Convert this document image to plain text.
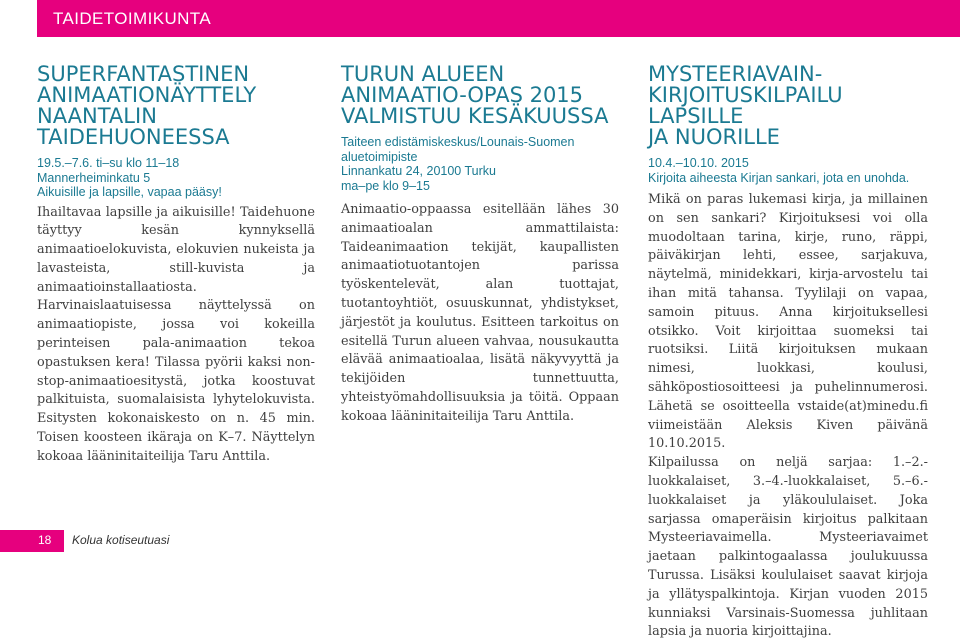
TAIDETOIMIKUNTA
SUPERFANTASTINEN
ANIMAATIONÄYTTELY
NAANTALIN
TAIDEHUONEESSA
19.5.–7.6. ti–su klo 11–18
Mannerheiminkatu 5
Aikuisille ja lapsille, vapaa pääsy!

Ihailtavaa lapsille ja aikuisille! Taidehuone täyttyy kesän kynnyksellä animaatioelokuvista, elokuvien nukeista ja lavasteista, still-kuvista ja animaatioinstallaatiosta. Harvinaislaatuisessa näyttelyssä on animaatiopiste, jossa voi kokeilla perinteisen pala-animaation tekoa opastuksen kera! Tilassa pyörii kaksi non-stop-animaatioesitystä, jotka koostuvat palkituista, suomalaisista lyhytelokuvista. Esitysten kokonaiskesto on n. 45 min. Toisen koosteen ikäraja on K–7. Näyttelyn kokoaa lääninitaiteilija Taru Anttila.

TURUN ALUEEN
ANIMAATIO-OPAS 2015
VALMISTUU KESÄKUUSSA
Taiteen edistämiskeskus/Lounais-Suomen aluetoimipiste
Linnankatu 24, 20100 Turku
ma–pe klo 9–15

Animaatio-oppaassa esitellään lähes 30 animaatioalan ammattilaista: Taideanimaation tekijät, kaupallisten animaatiotuotantojen parissa työskentelevät, alan tuottajat, tuotantoyhtiöt, osuuskunnat, yhdistykset, järjestöt ja koulutus. Esitteen tarkoitus on esitellä Turun alueen vahvaa, nousukautta elävää animaatioalaa, lisätä näkyvyyttä ja tekijöiden tunnettuutta, yhteistyömahdollisuuksia ja töitä. Oppaan kokoaa lääninitaiteilija Taru Anttila.

MYSTEERIAVAIN-
KIRJOITUSKILPAILU LAPSILLE
JA NUORILLE
10.4.–10.10. 2015
Kirjoita aiheesta Kirjan sankari, jota en unohda.

Mikä on paras lukemasi kirja, ja millainen on sen sankari? Kirjoituksesi voi olla muodoltaan tarina, kirje, runo, räppi, päiväkirjan lehti, essee, sarjakuva, näytelmä, minidekkari, kirja-arvostelu tai ihan mitä tahansa. Tyylilaji on vapaa, samoin pituus. Anna kirjoituksellesi otsikko. Voit kirjoittaa suomeksi tai ruotsiksi. Liitä kirjoituksen mukaan nimesi, luokkasi, koulusi, sähköpostiosoitteesi ja puhelinnumerosi. Lähetä se osoitteella vstaide(at)minedu.fi viimeistään Aleksis Kiven päivänä 10.10.2015.

Kilpailussa on neljä sarjaa: 1.–2.-luokkalaiset, 3.–4.-luokkalaiset, 5.–6.-luokkalaiset ja yläkoululaiset. Joka sarjassa omaperäisin kirjoitus palkitaan Mysteeriavaimella. Mysteeriavaimet jaetaan palkintogaalassa joulukuussa Turussa. Lisäksi koululaiset saavat kirjoja ja yllätyspalkintoja. Kirjan vuoden 2015 kunniaksi Varsinais-Suomessa juhlitaan lapsia ja nuoria kirjoittajina.

18 Kolua kotiseutuasi
